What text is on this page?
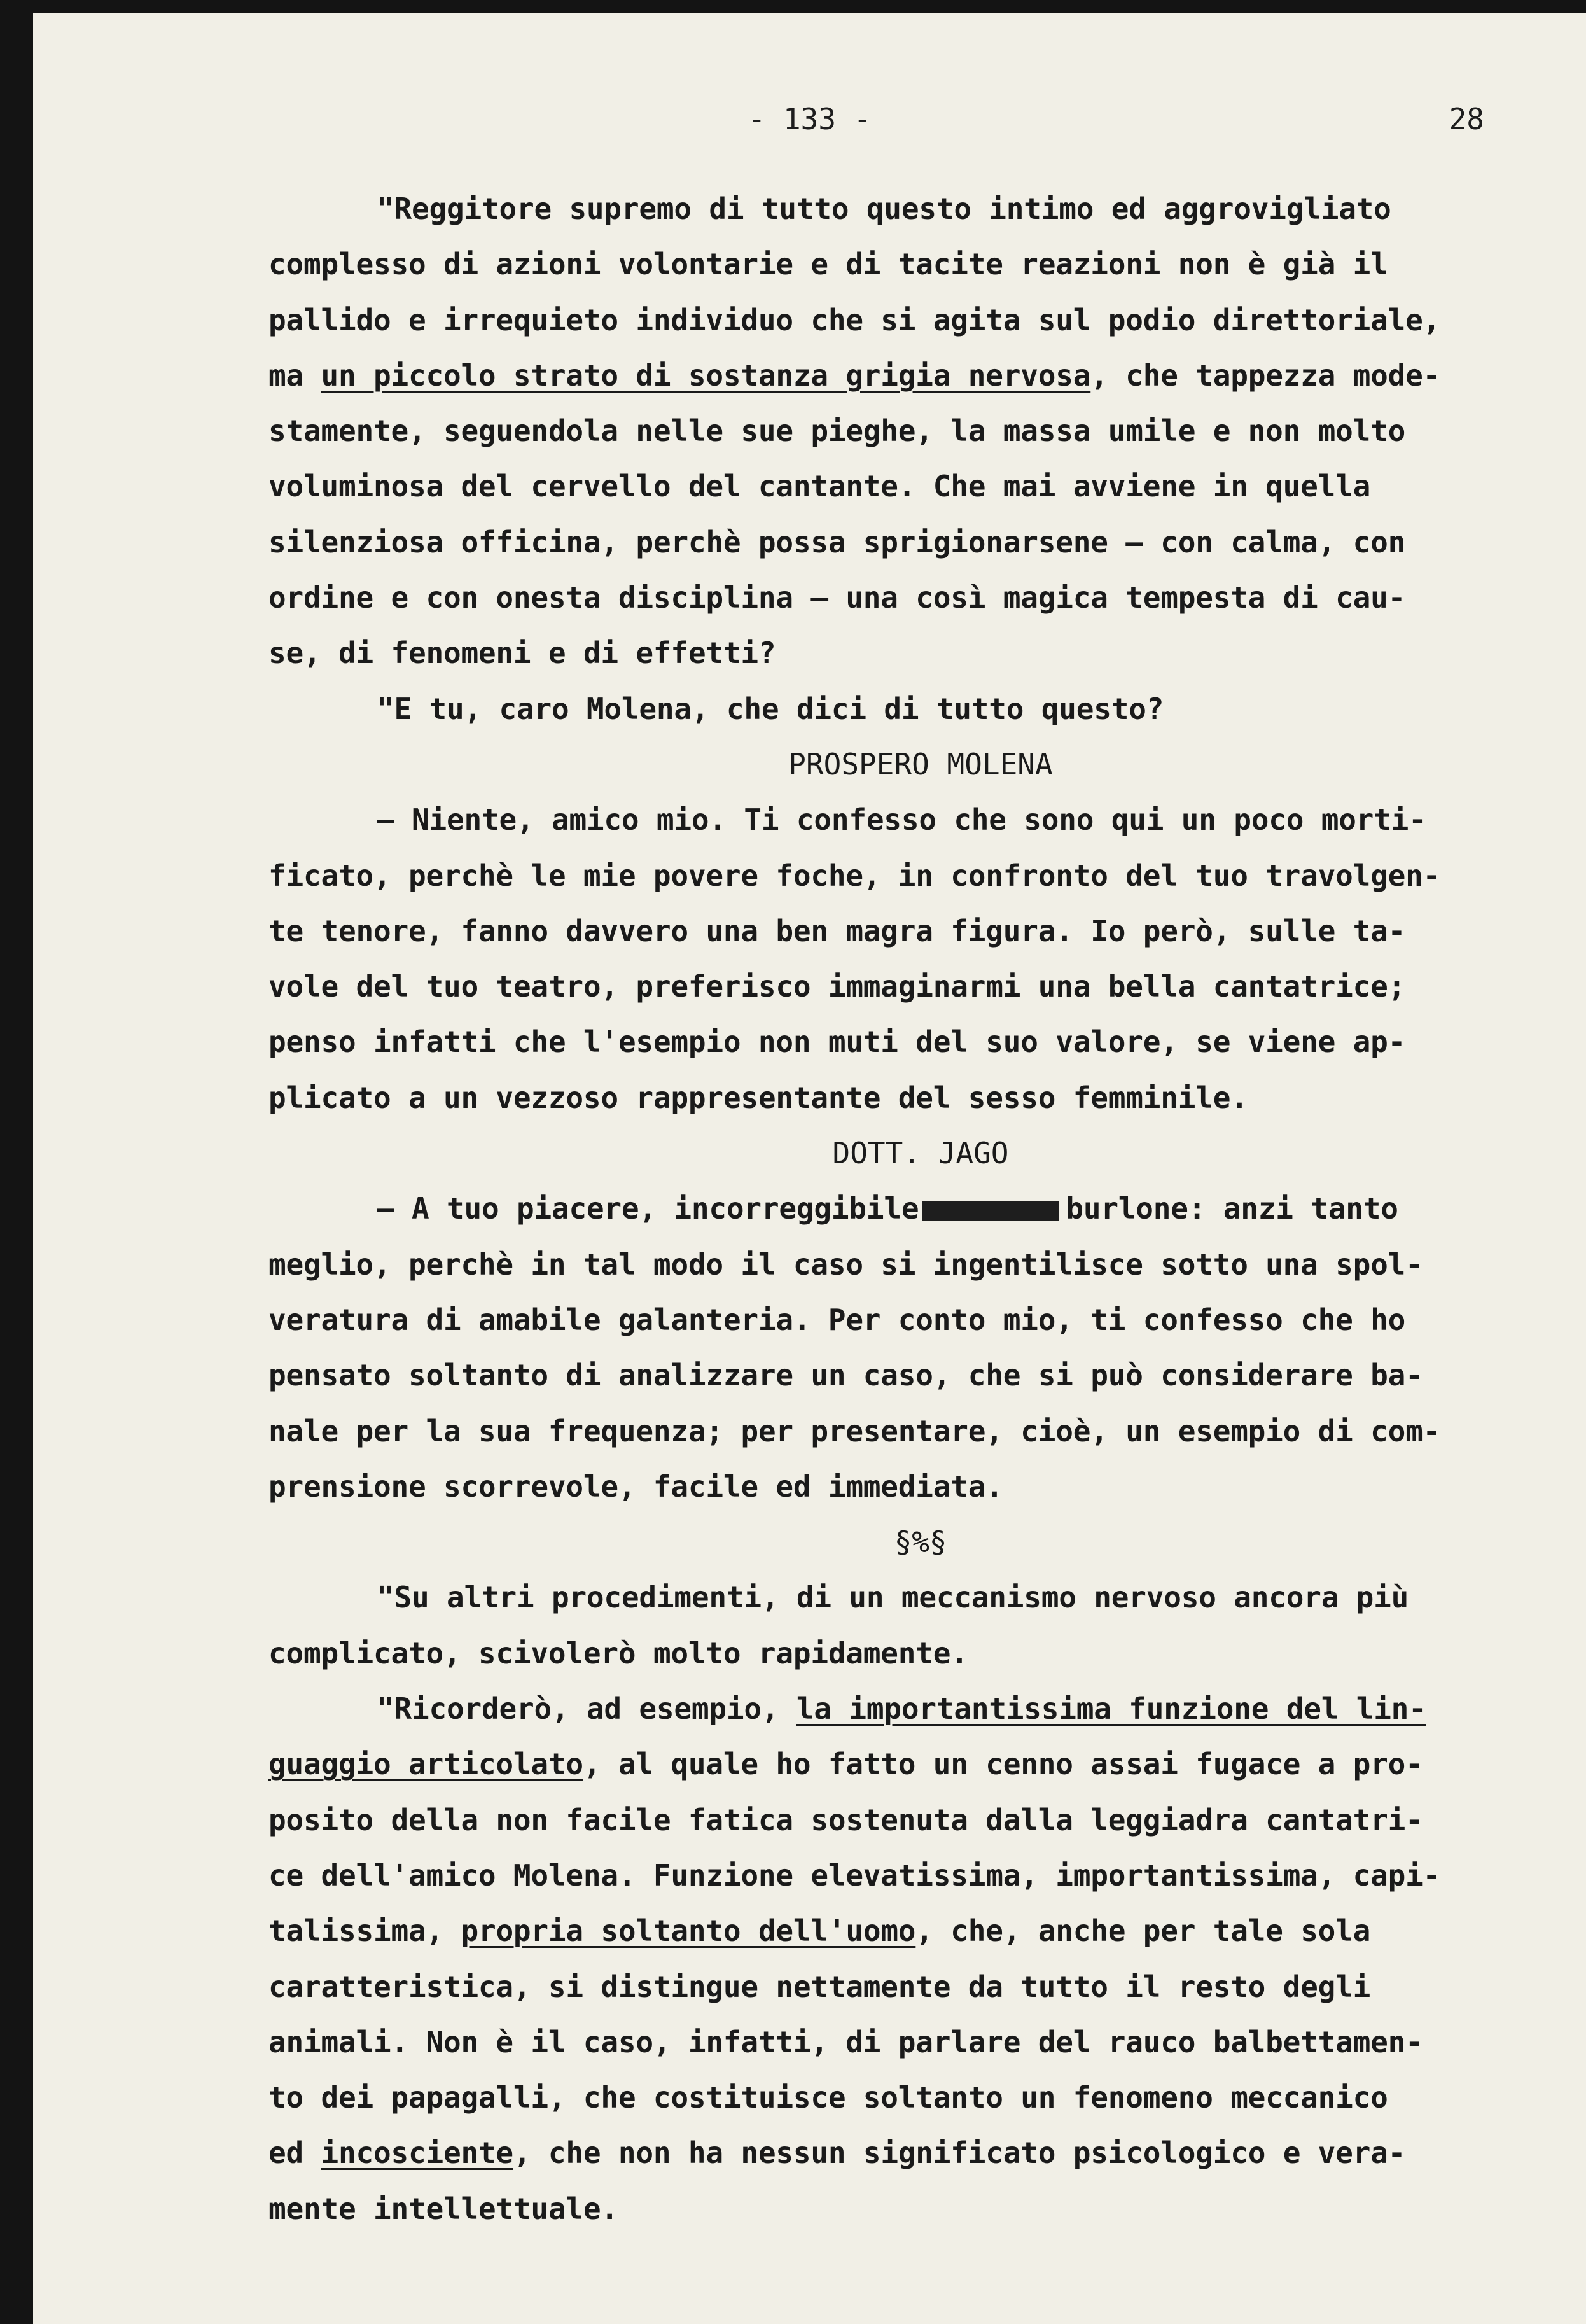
- 133 -	28
"Reggitore supremo di tutto questo intimo ed aggrovigliato
complesso di azioni volontarie e di tacite reazioni non è già il
pallido e irrequieto individuo che si agita sul podio direttoriale,
ma un piccolo strato di sostanza grigia nervosa, che tappezza mode-
stamente, seguendola nelle sue pieghe, la massa umile e non molto
voluminosa del cervello del cantante. Che mai avviene in quella
silenziosa officina, perchè possa sprigionarsene — con calma, con
ordine e con onesta disciplina — una così magica tempesta di cau-
se, di fenomeni e di effetti?
"E tu, caro Molena, che dici di tutto questo?
PROSPERO MOLENA
— Niente, amico mio. Ti confesso che sono qui un poco morti-
ficato, perchè le mie povere foche, in confronto del tuo travolgen-
te tenore, fanno davvero una ben magra figura. Io però, sulle ta-
vole del tuo teatro, preferisco immaginarmi una bella cantatrice;
penso infatti che l'esempio non muti del suo valore, se viene ap-
plicato a un vezzoso rappresentante del sesso femminile.
DOTT. JAGO
— A tuo piacere, incorreggibile	burlone: anzi tanto
meglio, perchè in tal modo il caso si ingentilisce sotto una spol-
veratura di amabile galanteria. Per conto mio, ti confesso che ho
pensato soltanto di analizzare un caso, che si può considerare ba-
nale per la sua frequenza; per presentare, cioè, un esempio di com-
prensione scorrevole, facile ed immediata.
§%§
"Su altri procedimenti, di un meccanismo nervoso ancora più
complicato, scivolerò molto rapidamente.
"Ricorderò, ad esempio, la importantissima funzione del lin-
guaggio articolato, al quale ho fatto un cenno assai fugace a pro-
posito della non facile fatica sostenuta dalla leggiadra cantatri-
ce dell'amico Molena. Funzione elevatissima, importantissima, capi-
talissima, propria soltanto dell'uomo, che, anche per tale sola
caratteristica, si distingue nettamente da tutto il resto degli
animali. Non è il caso, infatti, di parlare del rauco balbettamen-
to dei papagalli, che costituisce soltanto un fenomeno meccanico
ed incosciente, che non ha nessun significato psicologico e vera-
mente intellettuale.
